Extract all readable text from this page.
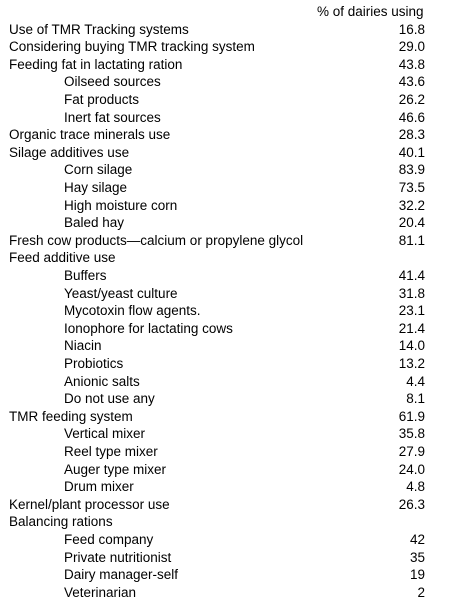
% of dairies using
Use of TMR Tracking systems	16.8
Considering buying TMR tracking system	29.0
Feeding fat in lactating ration	43.8
Oilseed sources	43.6
Fat products	26.2
Inert fat sources	46.6
Organic trace minerals use	28.3
Silage additives use	40.1
Corn silage	83.9
Hay silage	73.5
High moisture corn	32.2
Baled hay	20.4
Fresh cow products—calcium or propylene glycol	81.1
Feed additive use
Buffers	41.4
Yeast/yeast culture	31.8
Mycotoxin flow agents.	23.1
Ionophore for lactating cows	21.4
Niacin	14.0
Probiotics	13.2
Anionic salts	4.4
Do not use any	8.1
TMR feeding system	61.9
Vertical mixer	35.8
Reel type mixer	27.9
Auger type mixer	24.0
Drum mixer	4.8
Kernel/plant processor use	26.3
Balancing rations
Feed company	42
Private nutritionist	35
Dairy manager-self	19
Veterinarian	2
